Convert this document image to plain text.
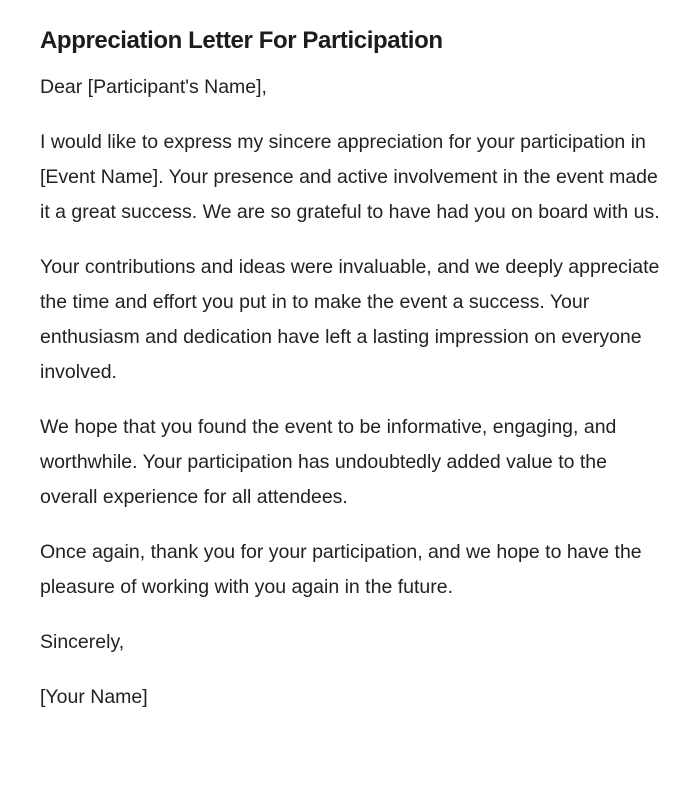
Appreciation Letter For Participation

Dear [Participant's Name],

I would like to express my sincere appreciation for your participation in [Event Name]. Your presence and active involvement in the event made it a great success. We are so grateful to have had you on board with us.

Your contributions and ideas were invaluable, and we deeply appreciate the time and effort you put in to make the event a success. Your enthusiasm and dedication have left a lasting impression on everyone involved.

We hope that you found the event to be informative, engaging, and worthwhile. Your participation has undoubtedly added value to the overall experience for all attendees.

Once again, thank you for your participation, and we hope to have the pleasure of working with you again in the future.

Sincerely,

[Your Name]
